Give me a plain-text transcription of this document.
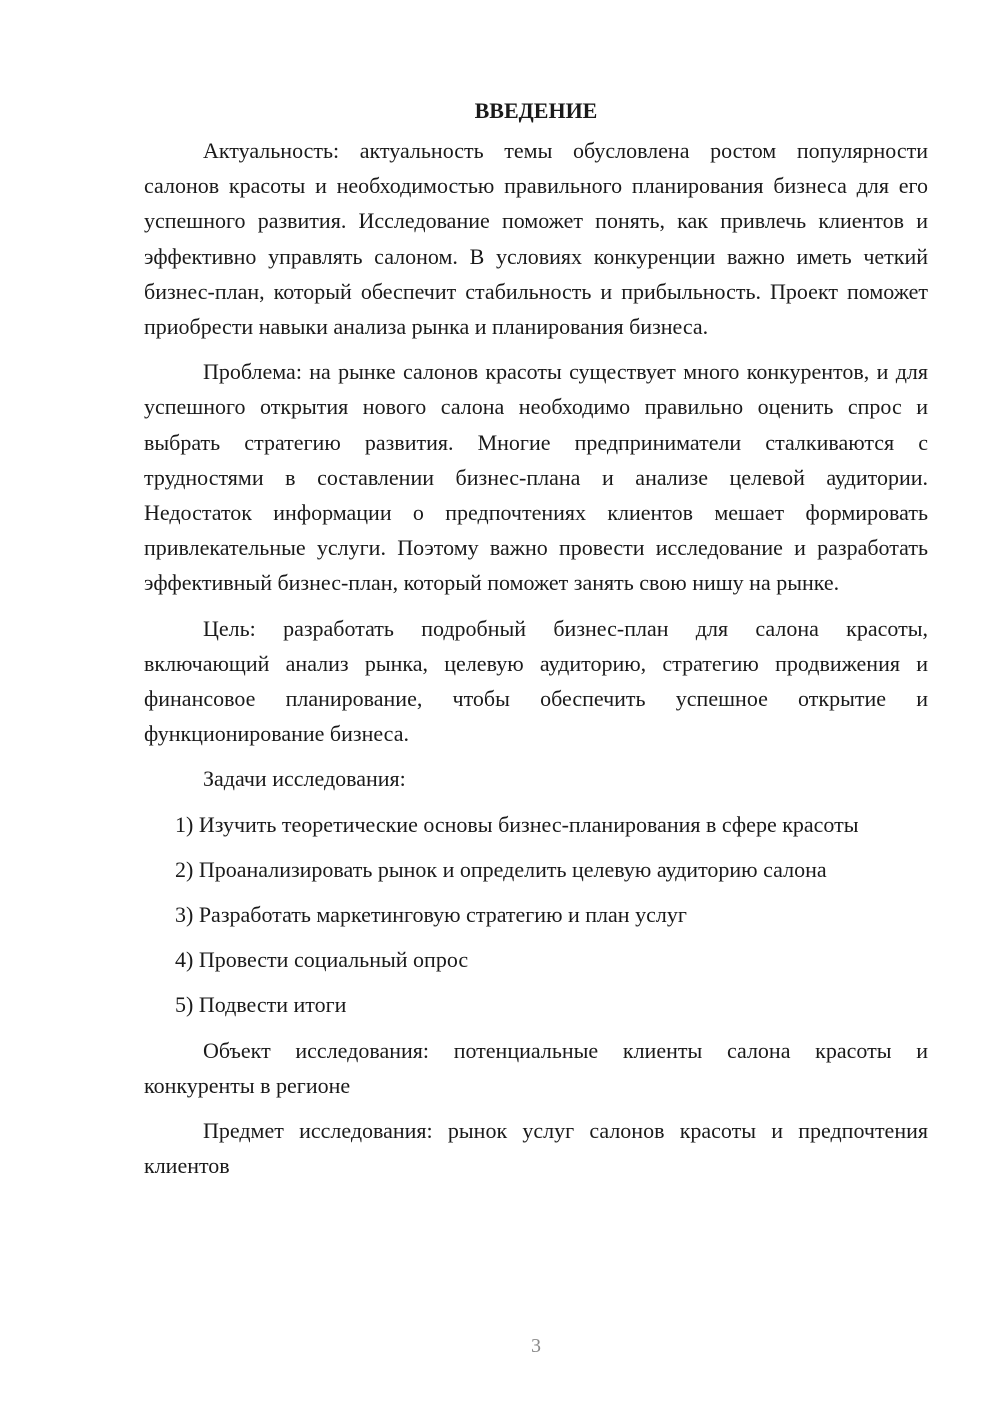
ВВЕДЕНИЕ

Актуальность: актуальность темы обусловлена ростом популярности салонов красоты и необходимостью правильного планирования бизнеса для его успешного развития. Исследование поможет понять, как привлечь клиентов и эффективно управлять салоном. В условиях конкуренции важно иметь четкий бизнес-план, который обеспечит стабильность и прибыльность. Проект поможет приобрести навыки анализа рынка и планирования бизнеса.

Проблема: на рынке салонов красоты существует много конкурентов, и для успешного открытия нового салона необходимо правильно оценить спрос и выбрать стратегию развития. Многие предприниматели сталкиваются с трудностями в составлении бизнес-плана и анализе целевой аудитории. Недостаток информации о предпочтениях клиентов мешает формировать привлекательные услуги. Поэтому важно провести исследование и разработать эффективный бизнес-план, который поможет занять свою нишу на рынке.

Цель: разработать подробный бизнес-план для салона красоты, включающий анализ рынка, целевую аудиторию, стратегию продвижения и финансовое планирование, чтобы обеспечить успешное открытие и функционирование бизнеса.

Задачи исследования:

1) Изучить теоретические основы бизнес-планирования в сфере красоты

2) Проанализировать рынок и определить целевую аудиторию салона

3) Разработать маркетинговую стратегию и план услуг

4) Провести социальный опрос

5) Подвести итоги

Объект исследования: потенциальные клиенты салона красоты и конкуренты в регионе

Предмет исследования: рынок услуг салонов красоты и предпочтения клиентов

3
